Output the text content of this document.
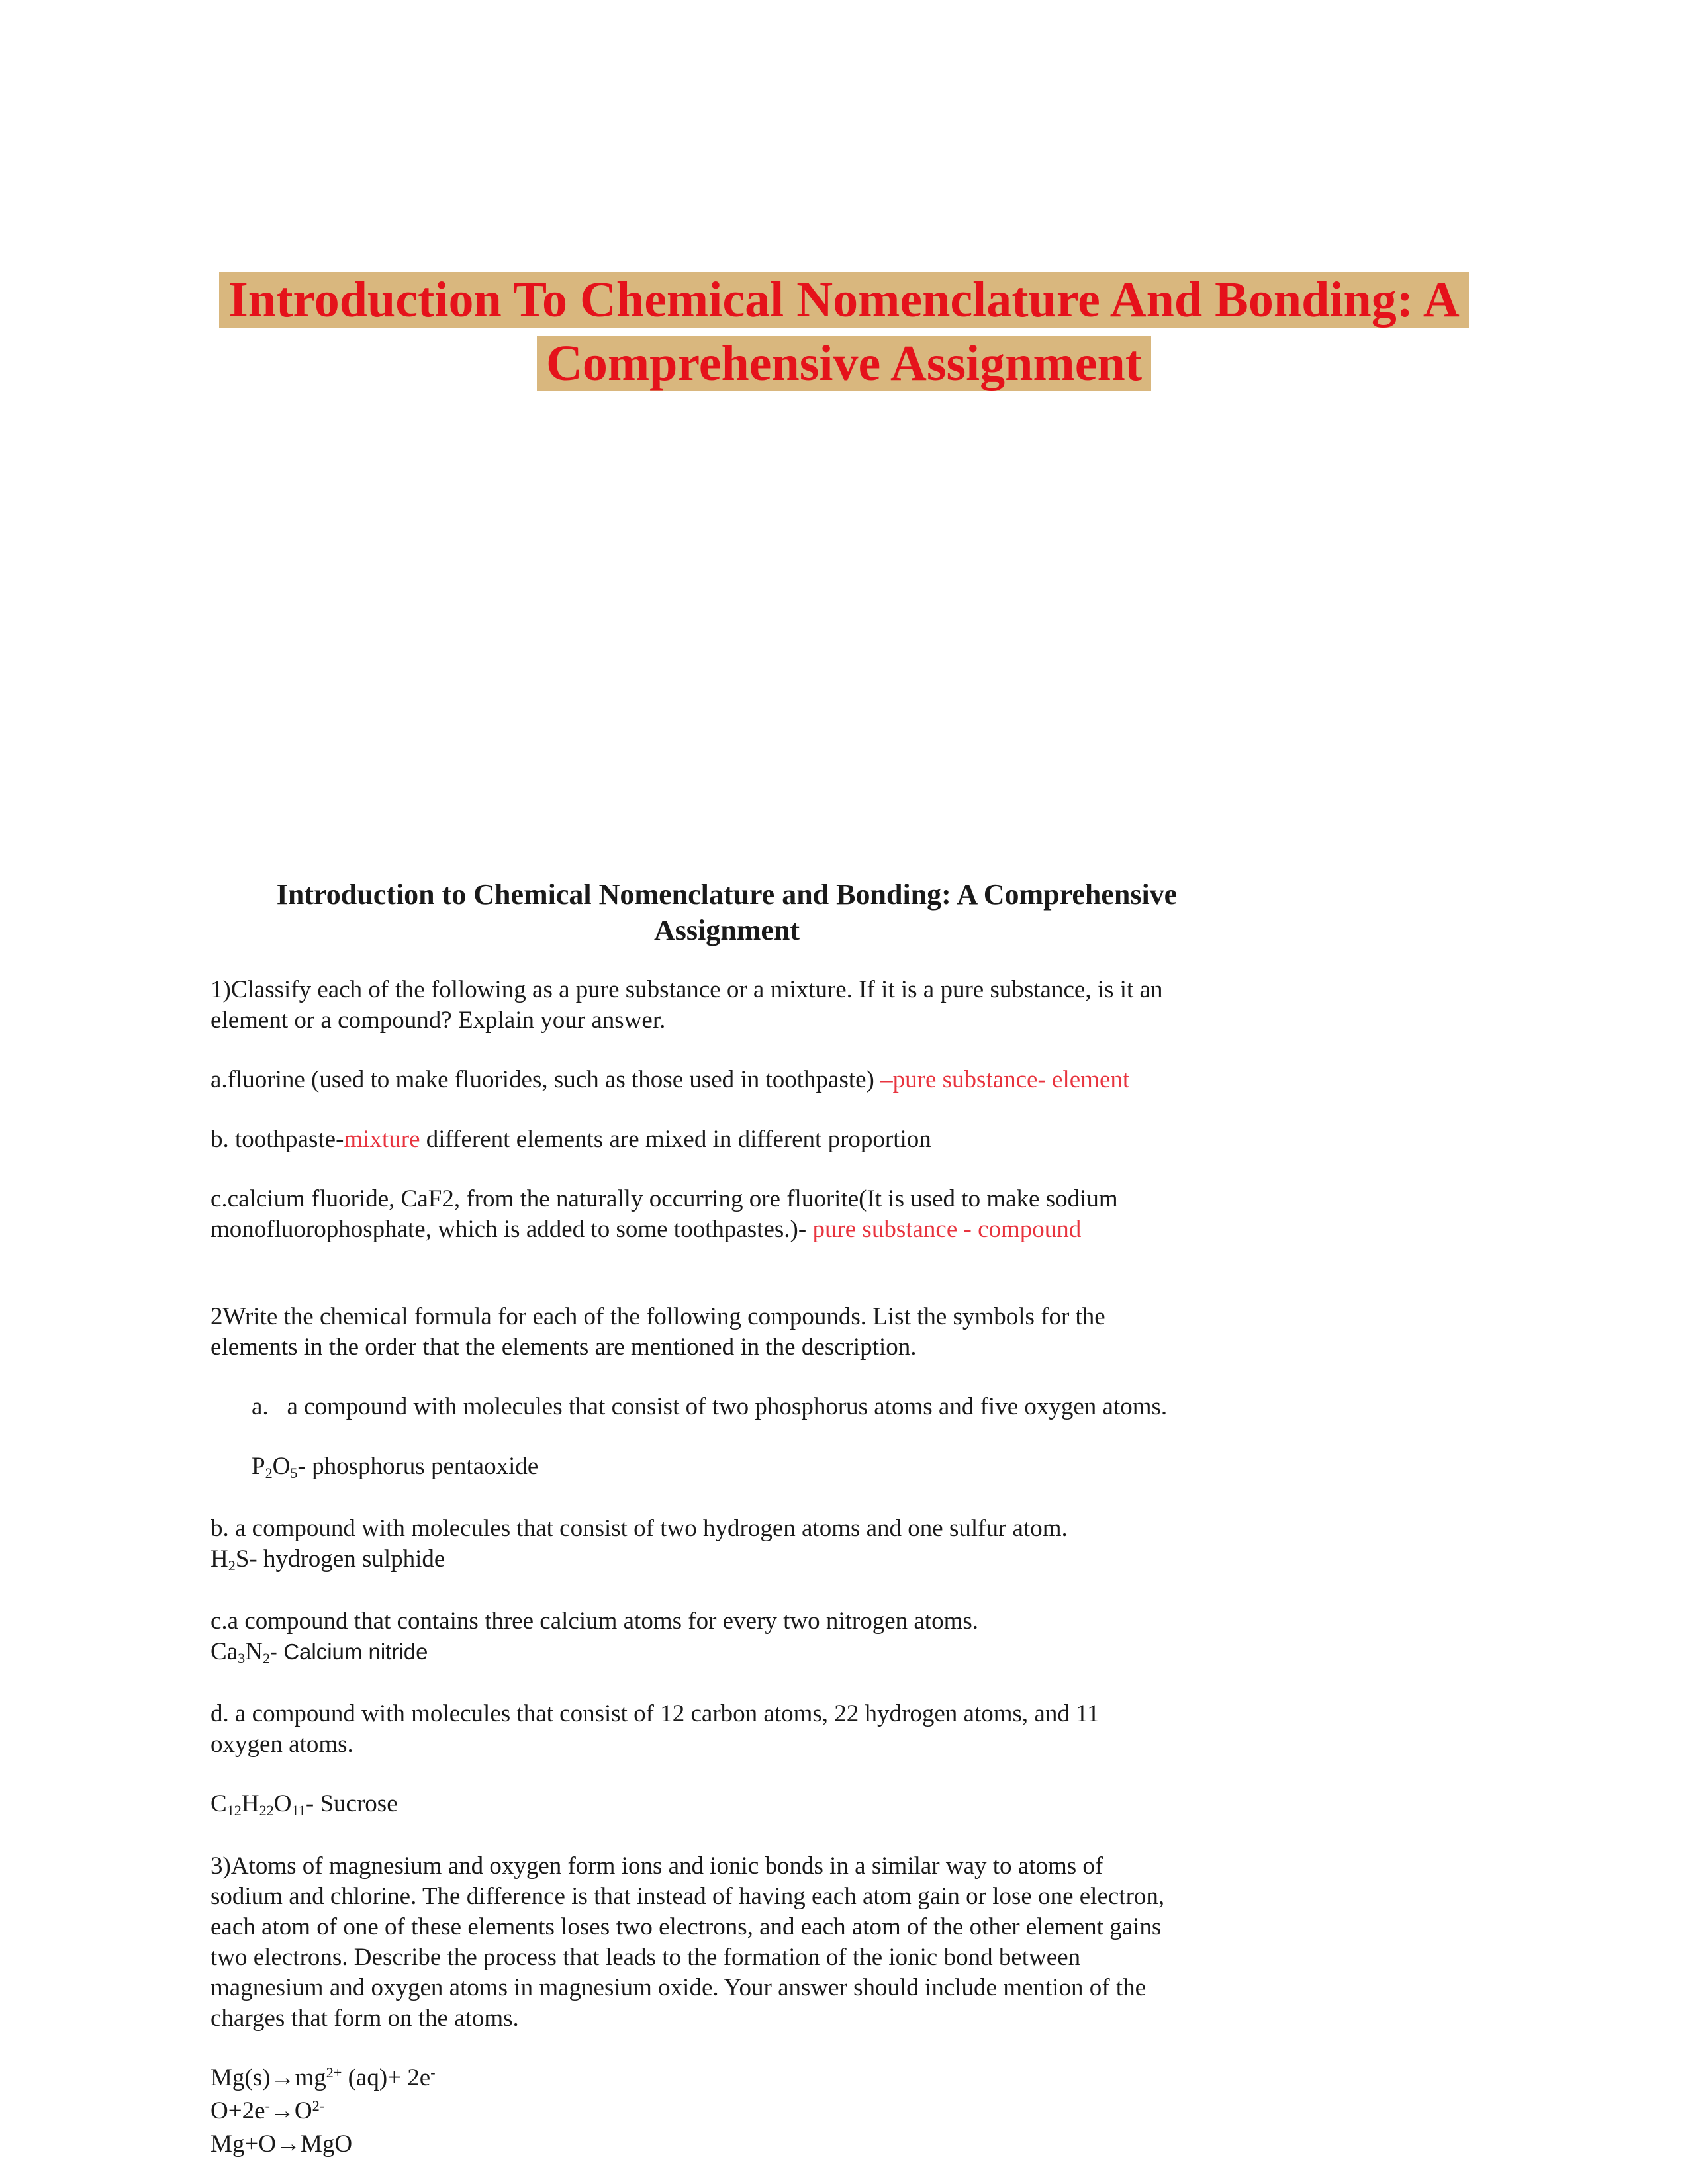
Introduction To Chemical Nomenclature And Bonding: A
Comprehensive Assignment

Introduction to Chemical Nomenclature and Bonding: A Comprehensive
Assignment

1)Classify each of the following as a pure substance or a mixture. If it is a pure substance, is it an
element or a compound? Explain your answer.

a.fluorine (used to make fluorides, such as those used in toothpaste) –pure substance- element

b. toothpaste-mixture different elements are mixed in different proportion

c.calcium fluoride, CaF2, from the naturally occurring ore fluorite(It is used to make sodium
monofluorophosphate, which is added to some toothpastes.)- pure substance - compound

2Write the chemical formula for each of the following compounds. List the symbols for the
elements in the order that the elements are mentioned in the description.

a. a compound with molecules that consist of two phosphorus atoms and five oxygen atoms.

$P_2O_5-$ phosphorus pentaoxide

b. a compound with molecules that consist of two hydrogen atoms and one sulfur atom.
$H_2S-$ hydrogen sulphide

c.a compound that contains three calcium atoms for every two nitrogen atoms.
$Ca_3N_2-$ Calcium nitride

d. a compound with molecules that consist of 12 carbon atoms, 22 hydrogen atoms, and 11
oxygen atoms.

$C_{12}H_{22}O_{11}-$ Sucrose

3)Atoms of magnesium and oxygen form ions and ionic bonds in a similar way to atoms of
sodium and chlorine. The difference is that instead of having each atom gain or lose one electron,
each atom of one of these elements loses two electrons, and each atom of the other element gains
two electrons. Describe the process that leads to the formation of the ionic bond between
magnesium and oxygen atoms in magnesium oxide. Your answer should include mention of the
charges that form on the atoms.

$Mg(s)\to mg^{2+}$ (aq)+ 2e-
$O+2e^-\to O^{2-}$
Mg+O→MgO
